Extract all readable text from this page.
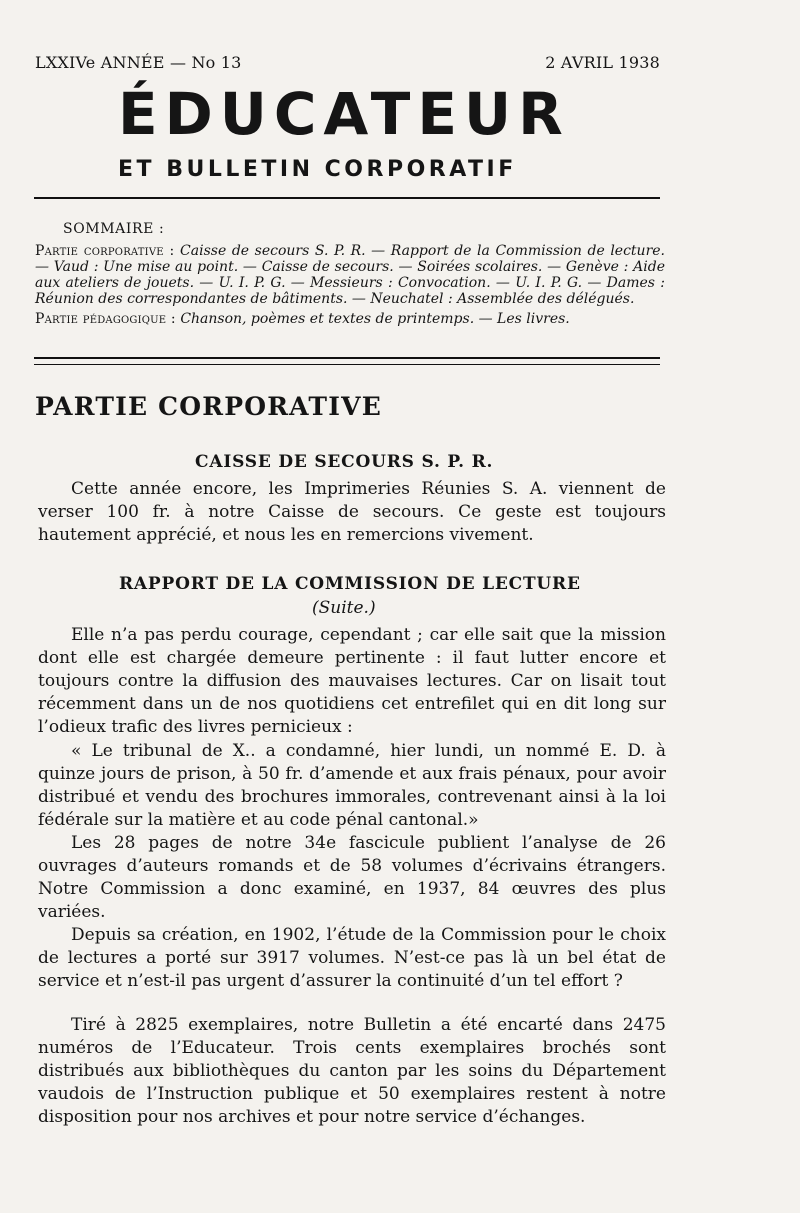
LXXIVe ANNÉE — No 13	2 AVRIL 1938
ÉDUCATEUR
ET BULLETIN CORPORATIF
SOMMAIRE :
Partie corporative : Caisse de secours S. P. R. — Rapport de la Commission de lecture. — Vaud : Une mise au point. — Caisse de secours. — Soirées scolaires. — Genève : Aide aux ateliers de jouets. — U. I. P. G. — Messieurs : Convocation. — U. I. P. G. — Dames : Réunion des correspondantes de bâtiments. — Neuchatel : Assemblée des délégués.
Partie pédagogique : Chanson, poèmes et textes de printemps. — Les livres.
PARTIE CORPORATIVE
CAISSE DE SECOURS S. P. R.
Cette année encore, les Imprimeries Réunies S. A. viennent de verser 100 fr. à notre Caisse de secours. Ce geste est toujours hautement apprécié, et nous les en remercions vivement.
RAPPORT DE LA COMMISSION DE LECTURE
(Suite.)
Elle n’a pas perdu courage, cependant ; car elle sait que la mission dont elle est chargée demeure pertinente : il faut lutter encore et toujours contre la diffusion des mauvaises lectures. Car on lisait tout récemment dans un de nos quotidiens cet entrefilet qui en dit long sur l’odieux trafic des livres pernicieux :
« Le tribunal de X.. a condamné, hier lundi, un nommé E. D. à quinze jours de prison, à 50 fr. d’amende et aux frais pénaux, pour avoir distribué et vendu des brochures immorales, contrevenant ainsi à la loi fédérale sur la matière et au code pénal cantonal.»
Les 28 pages de notre 34e fascicule publient l’analyse de 26 ouvrages d’auteurs romands et de 58 volumes d’écrivains étrangers. Notre Commission a donc examiné, en 1937, 84 œuvres des plus variées.
Depuis sa création, en 1902, l’étude de la Commission pour le choix de lectures a porté sur 3917 volumes. N’est-ce pas là un bel état de service et n’est-il pas urgent d’assurer la continuité d’un tel effort ?
Tiré à 2825 exemplaires, notre Bulletin a été encarté dans 2475 numéros de l’Educateur. Trois cents exemplaires brochés sont distribués aux bibliothèques du canton par les soins du Département vaudois de l’Instruction publique et 50 exemplaires restent à notre disposition pour nos archives et pour notre service d’échanges.
